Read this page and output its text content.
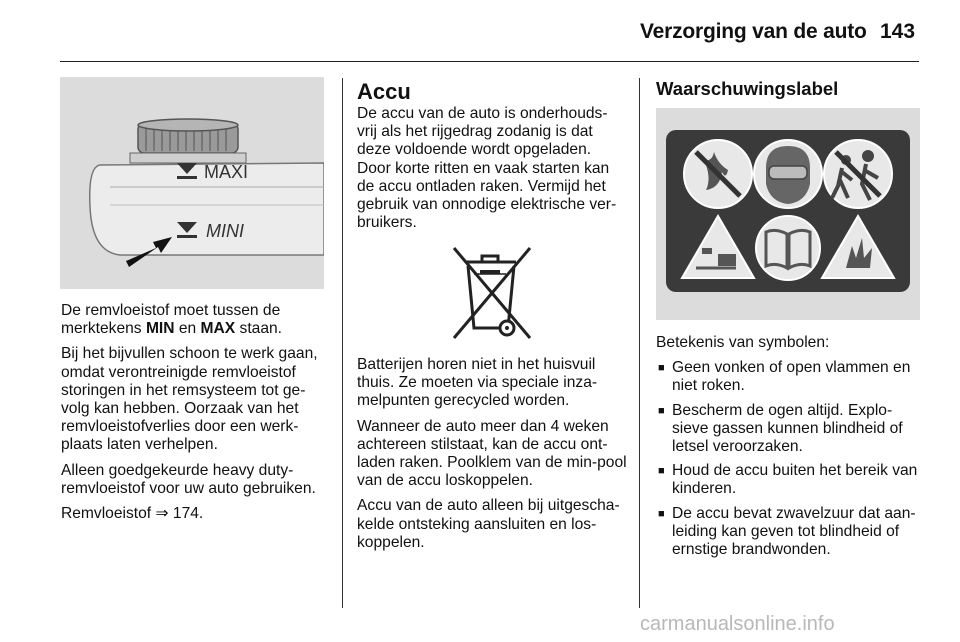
Verzorging van de auto 143
MAXI
MINI

De remvloeistof moet tussen de merktekens MIN en MAX staan.

Bij het bijvullen schoon te werk gaan, omdat verontreinigde remvloeistof storingen in het remsysteem tot ge-volg kan hebben. Oorzaak van het remvloeistofverlies door een werk-plaats laten verhelpen.

Alleen goedgekeurde heavy duty-remvloeistof voor uw auto gebruiken.

Remvloeistof ⇒ 174.

Accu

De accu van de auto is onderhouds-vrij als het rijgedrag zodanig is dat deze voldoende wordt opgeladen. Door korte ritten en vaak starten kan de accu ontladen raken. Vermijd het gebruik van onnodige elektrische ver-bruikers.

Batterijen horen niet in het huisvuil thuis. Ze moeten via speciale inza-melpunten gerecycled worden.

Wanneer de auto meer dan 4 weken achtereen stilstaat, kan de accu ont-laden raken. Poolklem van de min-pool van de accu loskoppelen.

Accu van de auto alleen bij uitgescha-kelde ontsteking aansluiten en los-koppelen.

Waarschuwingslabel

Betekenis van symbolen:

■ Geen vonken of open vlammen en niet roken.
■ Bescherm de ogen altijd. Explo-sieve gassen kunnen blindheid of letsel veroorzaken.
■ Houd de accu buiten het bereik van kinderen.
■ De accu bevat zwavelzuur dat aan-leiding kan geven tot blindheid of ernstige brandwonden.
carmanualsonline.info
